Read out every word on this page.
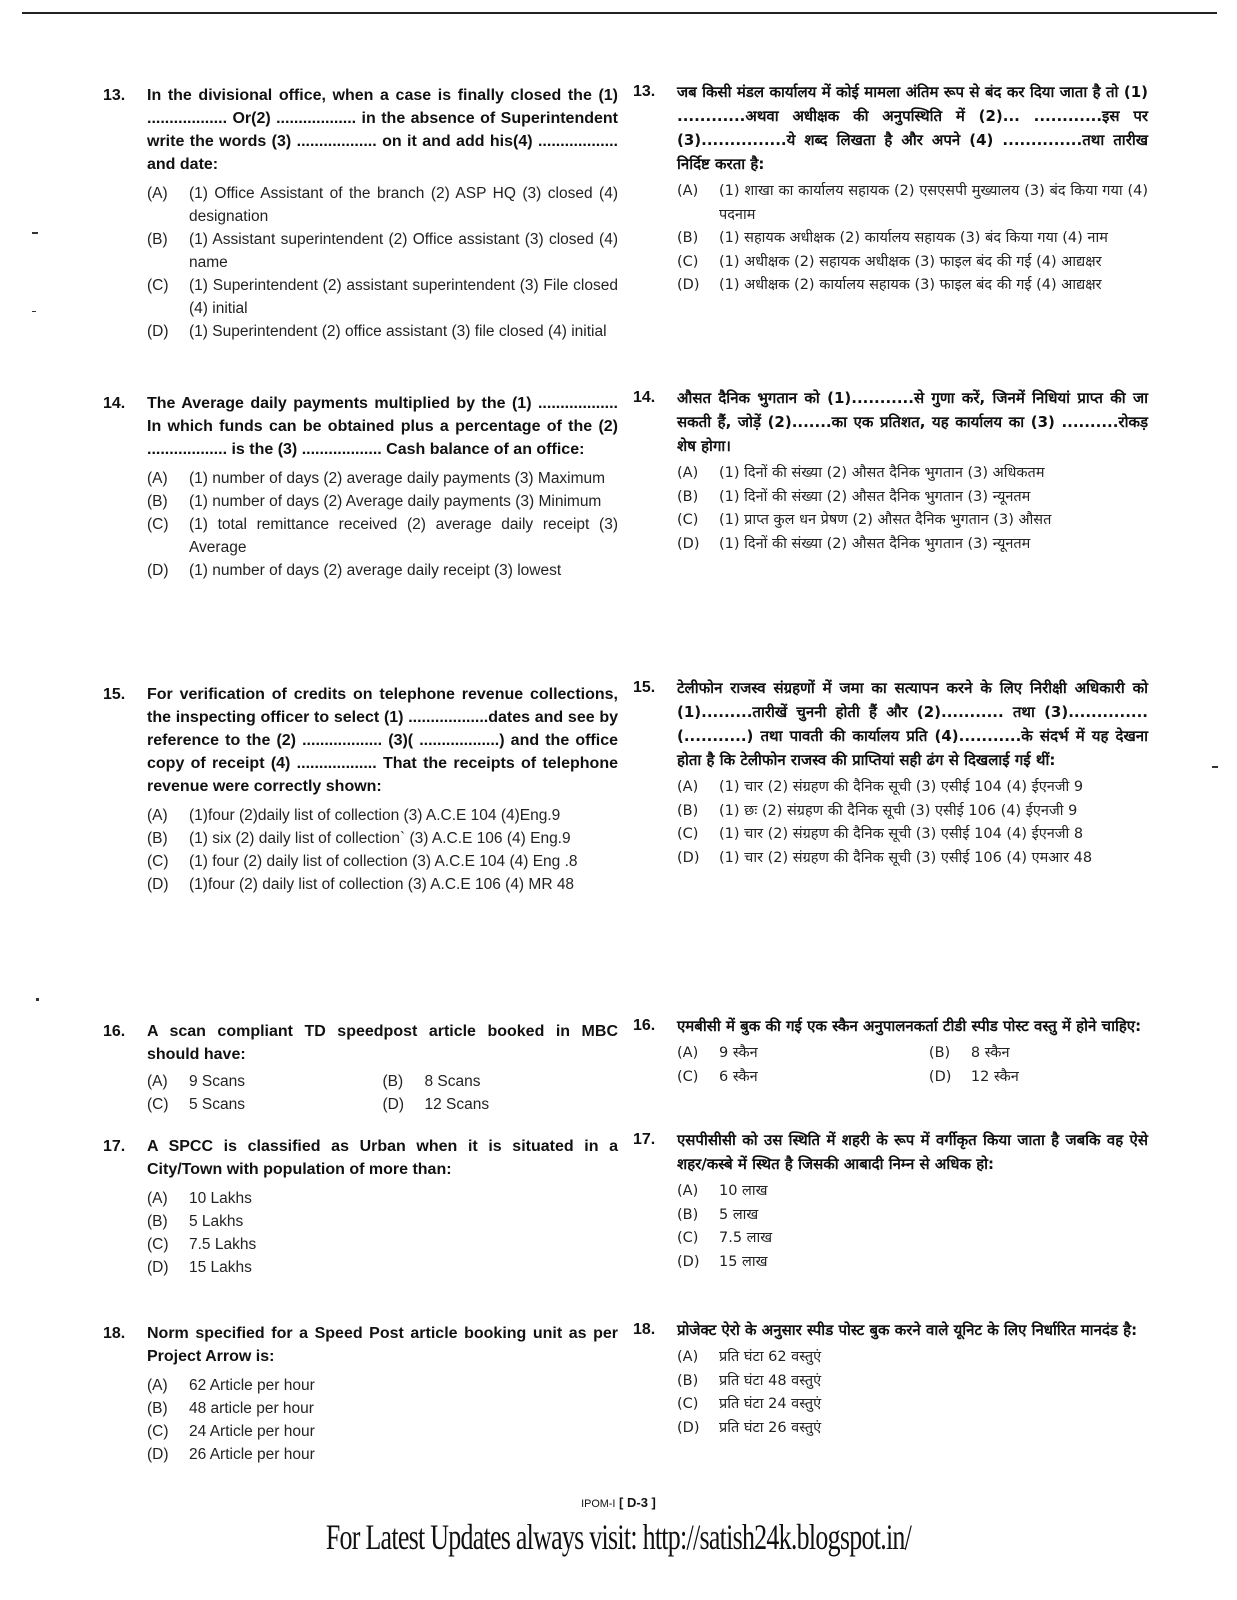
13.	In the divisional office, when a case is finally closed the (1) .................. Or(2) .................. in the absence of Superintendent write the words (3) .................. on it and add his(4) .................. and date:
(A)	(1) Office Assistant of the branch (2) ASP HQ (3) closed (4) designation
(B)	(1) Assistant superintendent (2) Office assistant (3) closed (4) name
(C)	(1) Superintendent (2) assistant superintendent (3) File closed (4) initial
(D)	(1) Superintendent (2) office assistant (3) file closed (4) initial
14.	The Average daily payments multiplied by the (1) .................. In which funds can be obtained plus a percentage of the (2) .................. is the (3) .................. Cash balance of an office:
(A)	(1) number of days (2) average daily payments (3) Maximum
(B)	(1) number of days (2) Average daily payments (3) Minimum
(C)	(1) total remittance received (2) average daily receipt (3) Average
(D)	(1) number of days (2) average daily receipt (3) lowest
15.	For verification of credits on telephone revenue collections, the inspecting officer to select (1) ..................dates and see by reference to the (2) .................. (3)( ..................) and the office copy of receipt (4) .................. That the receipts of telephone revenue were correctly shown:
(A)	(1)four (2)daily list of collection (3) A.C.E 104 (4)Eng.9
(B)	(1) six (2) daily list of collection` (3) A.C.E 106 (4) Eng.9
(C)	(1) four (2) daily list of collection (3) A.C.E 104 (4) Eng .8
(D)	(1)four (2) daily list of collection (3) A.C.E 106 (4) MR 48
16.	A scan compliant TD speedpost article booked in MBC should have:
(A)	9 Scans	(B)	8 Scans
(C)	5 Scans	(D)	12 Scans
17.	A SPCC is classified as Urban when it is situated in a City/Town with population of more than:
(A)	10 Lakhs
(B)	5 Lakhs
(C)	7.5 Lakhs
(D)	15 Lakhs
18.	Norm specified for a Speed Post article booking unit as per Project Arrow is:
(A)	62 Article per hour
(B)	48 article per hour
(C)	24 Article per hour
(D)	26 Article per hour
13.	जब किसी मंडल कार्यालय में कोई मामला अंतिम रूप से बंद कर दिया जाता है तो (1) ............अथवा अधीक्षक की अनुपस्थिति में (2)... ............इस पर (3)...............ये शब्द लिखता है और अपने (4) ..............तथा तारीख निर्दिष्ट करता है:
(A)	(1) शाखा का कार्यालय सहायक (2) एसएसपी मुख्यालय (3) बंद किया गया (4) पदनाम
(B)	(1) सहायक अधीक्षक (2) कार्यालय सहायक (3) बंद किया गया (4) नाम
(C)	(1) अधीक्षक (2) सहायक अधीक्षक (3) फाइल बंद की गई (4) आद्यक्षर
(D)	(1) अधीक्षक (2) कार्यालय सहायक (3) फाइल बंद की गई (4) आद्यक्षर
14.	औसत दैनिक भुगतान को (1)...........से गुणा करें, जिनमें निधियां प्राप्त की जा सकती हैं, जोड़ें (2).......का एक प्रतिशत, यह कार्यालय का (3) ..........रोकड़ शेष होगा।
(A)	(1) दिनों की संख्या (2) औसत दैनिक भुगतान (3) अधिकतम
(B)	(1) दिनों की संख्या (2) औसत दैनिक भुगतान (3) न्यूनतम
(C)	(1) प्राप्त कुल धन प्रेषण (2) औसत दैनिक भुगतान (3) औसत
(D)	(1) दिनों की संख्या (2) औसत दैनिक भुगतान (3) न्यूनतम
15.	टेलीफोन राजस्व संग्रहणों में जमा का सत्यापन करने के लिए निरीक्षी अधिकारी को (1).........तारीखें चुननी होती हैं और (2)........... तथा (3).............. (...........) तथा पावती की कार्यालय प्रति (4)...........के संदर्भ में यह देखना होता है कि टेलीफोन राजस्व की प्राप्तियां सही ढंग से दिखलाई गई थीं:
(A)	(1) चार (2) संग्रहण की दैनिक सूची (3) एसीई 104 (4) ईएनजी 9
(B)	(1) छः (2) संग्रहण की दैनिक सूची (3) एसीई 106 (4) ईएनजी 9
(C)	(1) चार (2) संग्रहण की दैनिक सूची (3) एसीई 104 (4) ईएनजी 8
(D)	(1) चार (2) संग्रहण की दैनिक सूची (3) एसीई 106 (4) एमआर 48
16.	एमबीसी में बुक की गई एक स्कैन अनुपालनकर्ता टीडी स्पीड पोस्ट वस्तु में होने चाहिए:
(A)	9 स्कैन	(B)	8 स्कैन
(C)	6 स्कैन	(D)	12 स्कैन
17.	एसपीसीसी को उस स्थिति में शहरी के रूप में वर्गीकृत किया जाता है जबकि वह ऐसे शहर/कस्बे में स्थित है जिसकी आबादी निम्न से अधिक हो:
(A)	10 लाख
(B)	5 लाख
(C)	7.5 लाख
(D)	15 लाख
18.	प्रोजेक्ट ऐरो के अनुसार स्पीड पोस्ट बुक करने वाले यूनिट के लिए निर्धारित मानदंड है:
(A)	प्रति घंटा 62 वस्तुएं
(B)	प्रति घंटा 48 वस्तुएं
(C)	प्रति घंटा 24 वस्तुएं
(D)	प्रति घंटा 26 वस्तुएं
IPOM-I [ D-3 ]
For Latest Updates always visit: http://satish24k.blogspot.in/
